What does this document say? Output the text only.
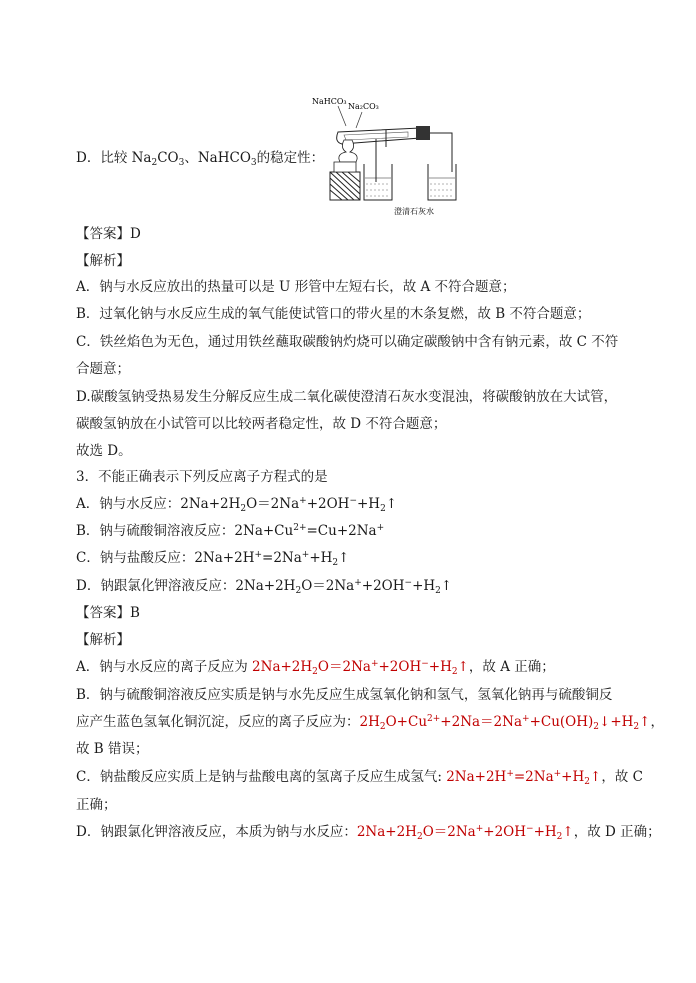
D．比较 $Na_2CO_3$、NaHCO$_3$的稳定性：
NaHCO₃
Na₂CO₃
澄清石灰水
【答案】D
【解析】
A．钠与水反应放出的热量可以是 U 形管中左短右长，故 A 不符合题意；
B．过氧化钠与水反应生成的氧气能使试管口的带火星的木条复燃，故 B 不符合题意；
C．铁丝焰色为无色，通过用铁丝蘸取碳酸钠灼烧可以确定碳酸钠中含有钠元素，故 C 不符
合题意；
D.碳酸氢钠受热易发生分解反应生成二氧化碳使澄清石灰水变混浊，将碳酸钠放在大试管，
碳酸氢钠放在小试管可以比较两者稳定性，故 D 不符合题意；
故选 D。
3．不能正确表示下列反应离子方程式的是
A．钠与水反应：$2Na+2H_2O=2Na^++2OH^-+H_2↑$
B．钠与硫酸铜溶液反应：$2Na+Cu^{2+}=Cu+2Na^+$
C．钠与盐酸反应：$2Na+2H^+=2Na^++H_2↑$
D．钠跟氯化钾溶液反应：$2Na+2H_2O=2Na^++2OH^-+H_2↑$
【答案】B
【解析】
A．钠与水反应的离子反应为 $2Na+2H_2O=2Na^++2OH^-+H_2↑$，故 A 正确；
B．钠与硫酸铜溶液反应实质是钠与水先反应生成氢氧化钠和氢气，氢氧化钠再与硫酸铜反
应产生蓝色氢氧化铜沉淀，反应的离子反应为：$2H_2O+Cu^{2+}+2Na=2Na^++Cu(OH)_2↓+H_2↑$，
故 B 错误；
C．钠盐酸反应实质上是钠与盐酸电离的氢离子反应生成氢气: $2Na+2H^+=2Na^++H_2↑$，故 C
正确；
D．钠跟氯化钾溶液反应，本质为钠与水反应：$2Na+2H_2O=2Na^++2OH^-+H_2↑$，故 D 正确；
